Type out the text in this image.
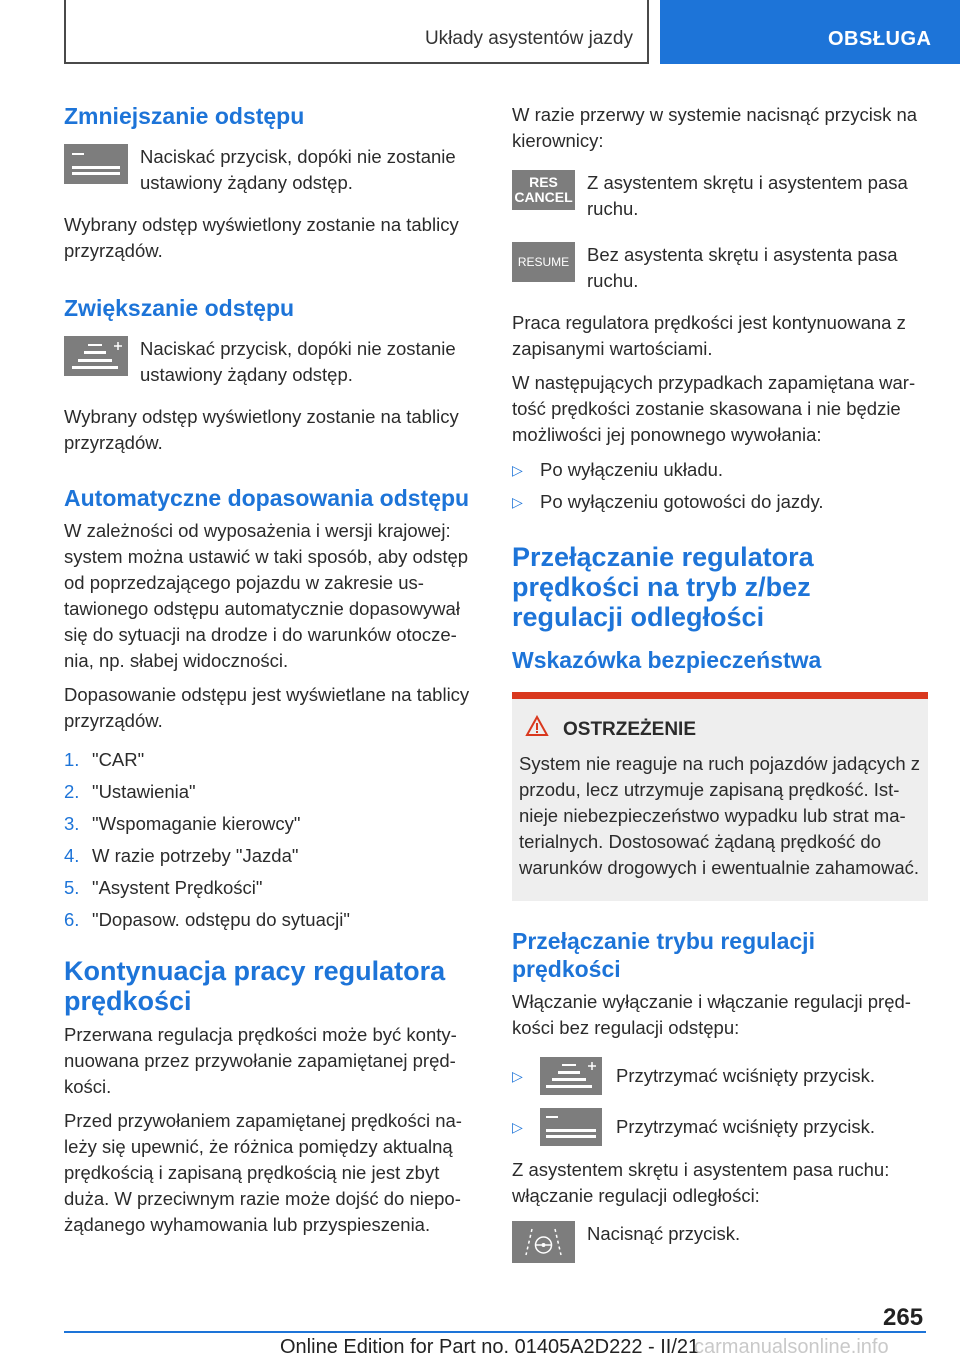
Układy asystentów jazdy	OBSŁUGA
Zmniejszanie odstępu

Naciskać przycisk, dopóki nie zostanie ustawiony żądany odstęp.

Wybrany odstęp wyświetlony zostanie na tablicy przyrządów.

Zwiększanie odstępu

Naciskać przycisk, dopóki nie zostanie ustawiony żądany odstęp.

Wybrany odstęp wyświetlony zostanie na tablicy przyrządów.

Automatyczne dopasowania odstępu

W zależności od wyposażenia i wersji krajowej: system można ustawić w taki sposób, aby odstęp od poprzedzającego pojazdu w zakresie ustawionego odstępu automatycznie dopasowywał się do sytuacji na drodze i do warunków otoczenia, np. słabej widoczności.

Dopasowanie odstępu jest wyświetlane na tablicy przyrządów.

1. "CAR"
2. "Ustawienia"
3. "Wspomaganie kierowcy"
4. W razie potrzeby "Jazda"
5. "Asystent Prędkości"
6. "Dopasow. odstępu do sytuacji"
Kontynuacja pracy regulatora prędkości

Przerwana regulacja prędkości może być kontynuowana przez przywołanie zapamiętanej prędkości.

Przed przywołaniem zapamiętanej prędkości należy się upewnić, że różnica pomiędzy aktualną prędkością i zapisaną prędkością nie jest zbyt duża. W przeciwnym razie może dojść do niepożądanego wyhamowania lub przyspieszenia.

W razie przerwy w systemie nacisnąć przycisk na kierownicy:

RES
CANCEL

Z asystentem skrętu i asystentem pasa ruchu.

RESUME Bez asystenta skrętu i asystenta pasa ruchu.

Praca regulatora prędkości jest kontynuowana z zapisanymi wartościami.

W następujących przypadkach zapamiętana wartość prędkości zostanie skasowana i nie będzie możliwości jej ponownego wywołania:

▷ Po wyłączeniu układu.
▷ Po wyłączeniu gotowości do jazdy.
Przełączanie regulatora prędkości na tryb z/bez regulacji odległości
Wskazówka bezpieczeństwa
OSTRZEŻENIE

System nie reaguje na ruch pojazdów jadących z przodu, lecz utrzymuje zapisaną prędkość. Istnieje niebezpieczeństwo wypadku lub strat materialnych. Dostosować żądaną prędkość do warunków drogowych i ewentualnie zahamować.

Przełączanie trybu regulacji prędkości

Włączanie wyłączanie i włączanie regulacji prędkości bez regulacji odstępu:

▷	Przytrzymać wciśnięty przycisk.
▷	Przytrzymać wciśnięty przycisk.

Z asystentem skrętu i asystentem pasa ruchu: włączanie regulacji odległości:

Nacisnąć przycisk.

265
Online Edition for Part no. 01405A2D222 - II/21
carmanualsonline.info
